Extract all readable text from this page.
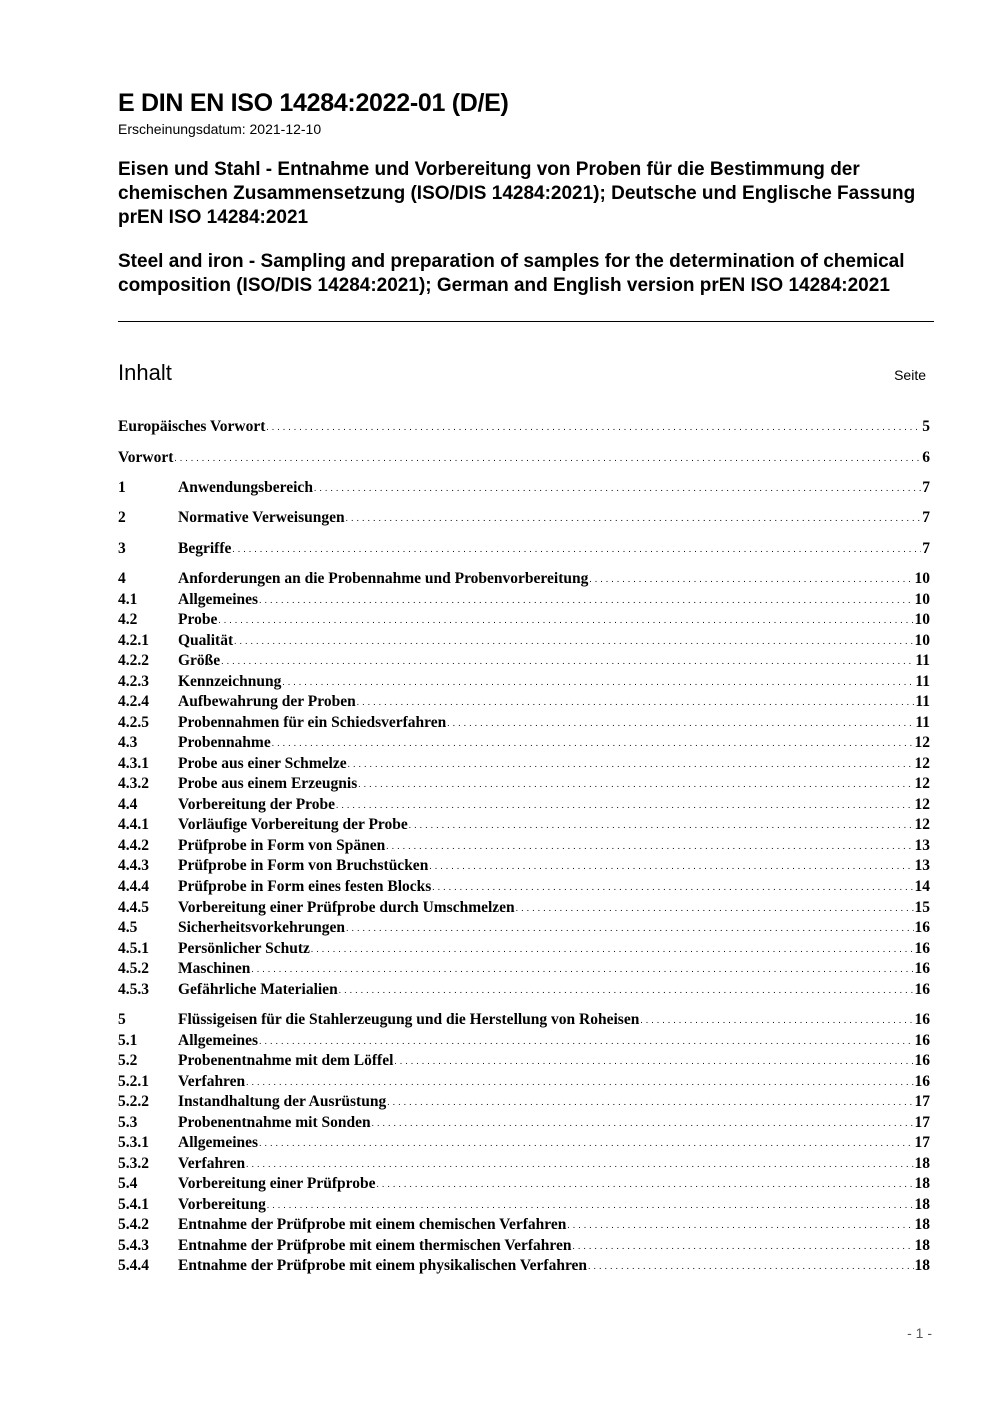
E DIN EN ISO 14284:2022-01 (D/E)
Erscheinungsdatum: 2021-12-10
Eisen und Stahl - Entnahme und Vorbereitung von Proben für die Bestimmung der chemischen Zusammensetzung (ISO/DIS 14284:2021); Deutsche und Englische Fassung prEN ISO 14284:2021
Steel and iron - Sampling and preparation of samples for the determination of chemical composition (ISO/DIS 14284:2021); German and English version prEN ISO 14284:2021
Inhalt	Seite
Europäisches Vorwort . . .	5
Vorwort . . .	6
1	Anwendungsbereich . . .	7
2	Normative Verweisungen . . .	7
3	Begriffe . . .	7
4	Anforderungen an die Probennahme und Probenvorbereitung . . .	10
4.1	Allgemeines . . .	10
4.2	Probe . . .	10
4.2.1	Qualität . . .	10
4.2.2	Größe . . .	11
4.2.3	Kennzeichnung . . .	11
4.2.4	Aufbewahrung der Proben . . .	11
4.2.5	Probennahmen für ein Schiedsverfahren . . .	11
4.3	Probennahme . . .	12
4.3.1	Probe aus einer Schmelze . . .	12
4.3.2	Probe aus einem Erzeugnis . . .	12
4.4	Vorbereitung der Probe . . .	12
4.4.1	Vorläufige Vorbereitung der Probe . . .	12
4.4.2	Prüfprobe in Form von Spänen . . .	13
4.4.3	Prüfprobe in Form von Bruchstücken . . .	13
4.4.4	Prüfprobe in Form eines festen Blocks . . .	14
4.4.5	Vorbereitung einer Prüfprobe durch Umschmelzen . . .	15
4.5	Sicherheitsvorkehrungen . . .	16
4.5.1	Persönlicher Schutz . . .	16
4.5.2	Maschinen . . .	16
4.5.3	Gefährliche Materialien . . .	16
5	Flüssigeisen für die Stahlerzeugung und die Herstellung von Roheisen . . .	16
5.1	Allgemeines . . .	16
5.2	Probenentnahme mit dem Löffel . . .	16
5.2.1	Verfahren . . .	16
5.2.2	Instandhaltung der Ausrüstung . . .	17
5.3	Probenentnahme mit Sonden . . .	17
5.3.1	Allgemeines . . .	17
5.3.2	Verfahren . . .	18
5.4	Vorbereitung einer Prüfprobe . . .	18
5.4.1	Vorbereitung . . .	18
5.4.2	Entnahme der Prüfprobe mit einem chemischen Verfahren . . .	18
5.4.3	Entnahme der Prüfprobe mit einem thermischen Verfahren . . .	18
5.4.4	Entnahme der Prüfprobe mit einem physikalischen Verfahren . . .	18
- 1 -
